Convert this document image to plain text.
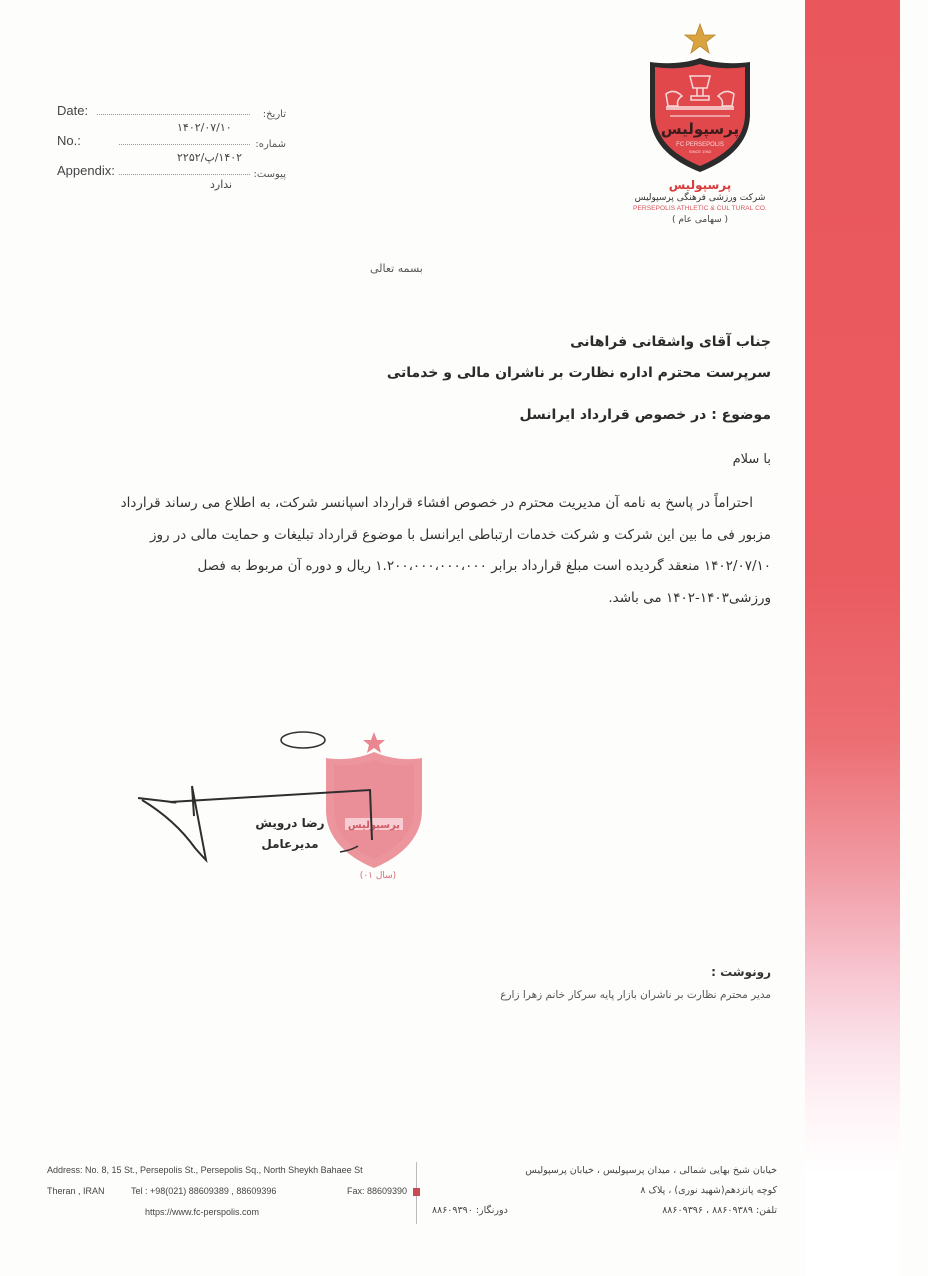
Date:	تاریخ:
۱۴۰۲/۰۷/۱۰
No.:	شماره:
۱۴۰۲/پ/۲۲۵۲
Appendix:	پیوست:
ندارد
پرسپولیس
FC PERSEPOLIS
SINCE 1963
پرسپولیس
شرکت ورزشی فرهنگی پرسپولیس
PERSEPOLIS ATHLETIC & CUL TURAL CO.
( سهامی عام )
بسمه تعالی
جناب آقای واشقانی فراهانی
سرپرست محترم اداره نظارت بر ناشران مالی و خدماتی
موضوع : در خصوص قرارداد ایرانسل
با سلام
احتراماً در پاسخ به نامه آن مدیریت محترم در خصوص افشاء قرارداد اسپانسر شرکت، به اطلاع می رساند قرارداد
مزبور فی ما بین این شرکت و شرکت خدمات ارتباطی ایرانسل با موضوع قرارداد تبلیغات و حمایت مالی در روز
۱۴۰۲/۰۷/۱۰ منعقد گردیده است مبلغ قرارداد برابر ۱.۲۰۰،۰۰۰،۰۰۰،۰۰۰ ریال و دوره آن مربوط به فصل
ورزشی۱۴۰۳-۱۴۰۲ می باشد.
پرسپولیس
(سال ۰۱)
رضا درویش
مدیرعامل
رونوشت :
مدیر محترم نظارت بر ناشران بازار پایه سرکار خانم زهرا زارع
Address: No. 8, 15 St., Persepolis St., Persepolis Sq., North Sheykh Bahaee St
Theran , IRAN	Tel : +98(021) 88609389 , 88609396	Fax: 88609390
https://www.fc-perspolis.com
خیابان شیخ بهایی شمالی ، میدان پرسپولیس ، خیابان پرسپولیس
کوچه پانزدهم(شهید نوری) ، پلاک ۸
تلفن: ۸۸۶۰۹۳۸۹ ، ۸۸۶۰۹۳۹۶
دورنگار: ۸۸۶۰۹۳۹۰
